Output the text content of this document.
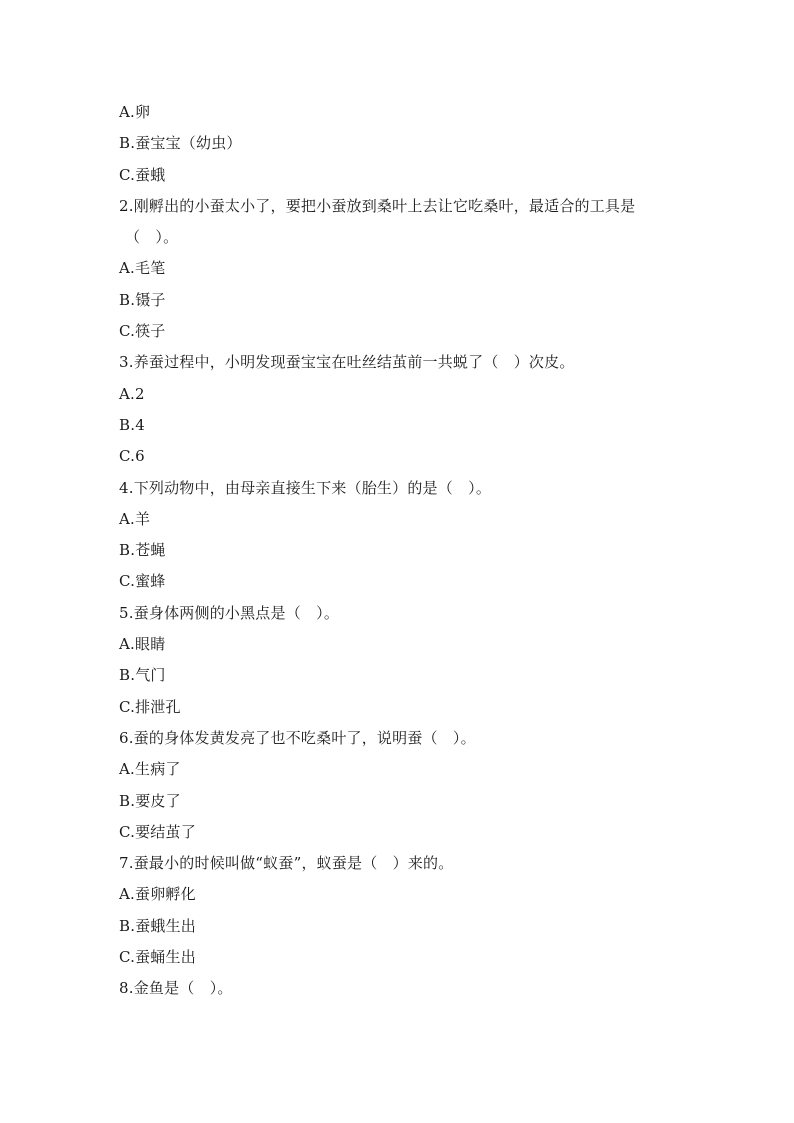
A.卵
B.蚕宝宝（幼虫）
C.蚕蛾
2.刚孵出的小蚕太小了，要把小蚕放到桑叶上去让它吃桑叶，最适合的工具是
（　）。
A.毛笔
B.镊子
C.筷子
3.养蚕过程中，小明发现蚕宝宝在吐丝结茧前一共蜕了（　）次皮。
A.2
B.4
C.6
4.下列动物中，由母亲直接生下来（胎生）的是（　）。
A.羊
B.苍蝇
C.蜜蜂
5.蚕身体两侧的小黑点是（　）。
A.眼睛
B.气门
C.排泄孔
6.蚕的身体发黄发亮了也不吃桑叶了，说明蚕（　）。
A.生病了
B.要皮了
C.要结茧了
7.蚕最小的时候叫做“蚁蚕”，蚁蚕是（　）来的。
A.蚕卵孵化
B.蚕蛾生出
C.蚕蛹生出
8.金鱼是（　）。
